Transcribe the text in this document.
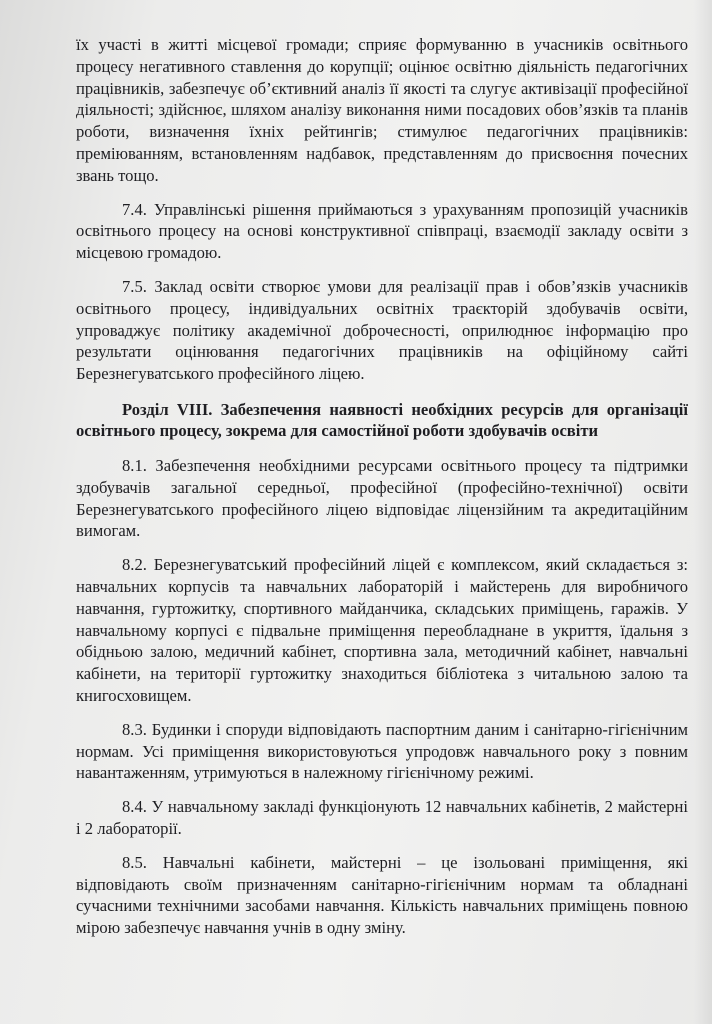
їх участі в житті місцевої громади; сприяє формуванню в учасників освітнього процесу негативного ставлення до корупції; оцінює освітню діяльність педагогічних працівників, забезпечує об’єктивний аналіз її якості та слугує активізації професійної діяльності; здійснює, шляхом аналізу виконання ними посадових обов’язків та планів роботи, визначення їхніх рейтингів; стимулює педагогічних працівників: преміюванням, встановленням надбавок, представленням до присвоєння почесних звань тощо.

7.4. Управлінські рішення приймаються з урахуванням пропозицій учасників освітнього процесу на основі конструктивної співпраці, взаємодії закладу освіти з місцевою громадою.

7.5. Заклад освіти створює умови для реалізації прав і обов’язків учасників освітнього процесу, індивідуальних освітніх траєкторій здобувачів освіти, упроваджує політику академічної доброчесності, оприлюднює інформацію про результати оцінювання педагогічних працівників на офіційному сайті Березнегуватського професійного ліцею.

Розділ VIII. Забезпечення наявності необхідних ресурсів для організації освітнього процесу, зокрема для самостійної роботи здобувачів освіти

8.1. Забезпечення необхідними ресурсами освітнього процесу та підтримки здобувачів загальної середньої, професійної (професійно-технічної) освіти Березнегуватського професійного ліцею відповідає ліцензійним та акредитаційним вимогам.

8.2. Березнегуватський професійний ліцей є комплексом, який складається з: навчальних корпусів та навчальних лабораторій і майстерень для виробничого навчання, гуртожитку, спортивного майданчика, складських приміщень, гаражів. У навчальному корпусі є підвальне приміщення переобладнане в укриття, їдальня з обідньою залою, медичний кабінет, спортивна зала, методичний кабінет, навчальні кабінети, на території гуртожитку знаходиться бібліотека з читальною залою та книгосховищем.

8.3. Будинки і споруди відповідають паспортним даним і санітарно-гігієнічним нормам. Усі приміщення використовуються упродовж навчального року з повним навантаженням, утримуються в належному гігієнічному режимі.

8.4. У навчальному закладі функціонують 12 навчальних кабінетів, 2 майстерні і 2 лабораторії.

8.5. Навчальні кабінети, майстерні – це ізольовані приміщення, які відповідають своїм призначенням санітарно-гігієнічним нормам та обладнані сучасними технічними засобами навчання. Кількість навчальних приміщень повною мірою забезпечує навчання учнів в одну зміну.
